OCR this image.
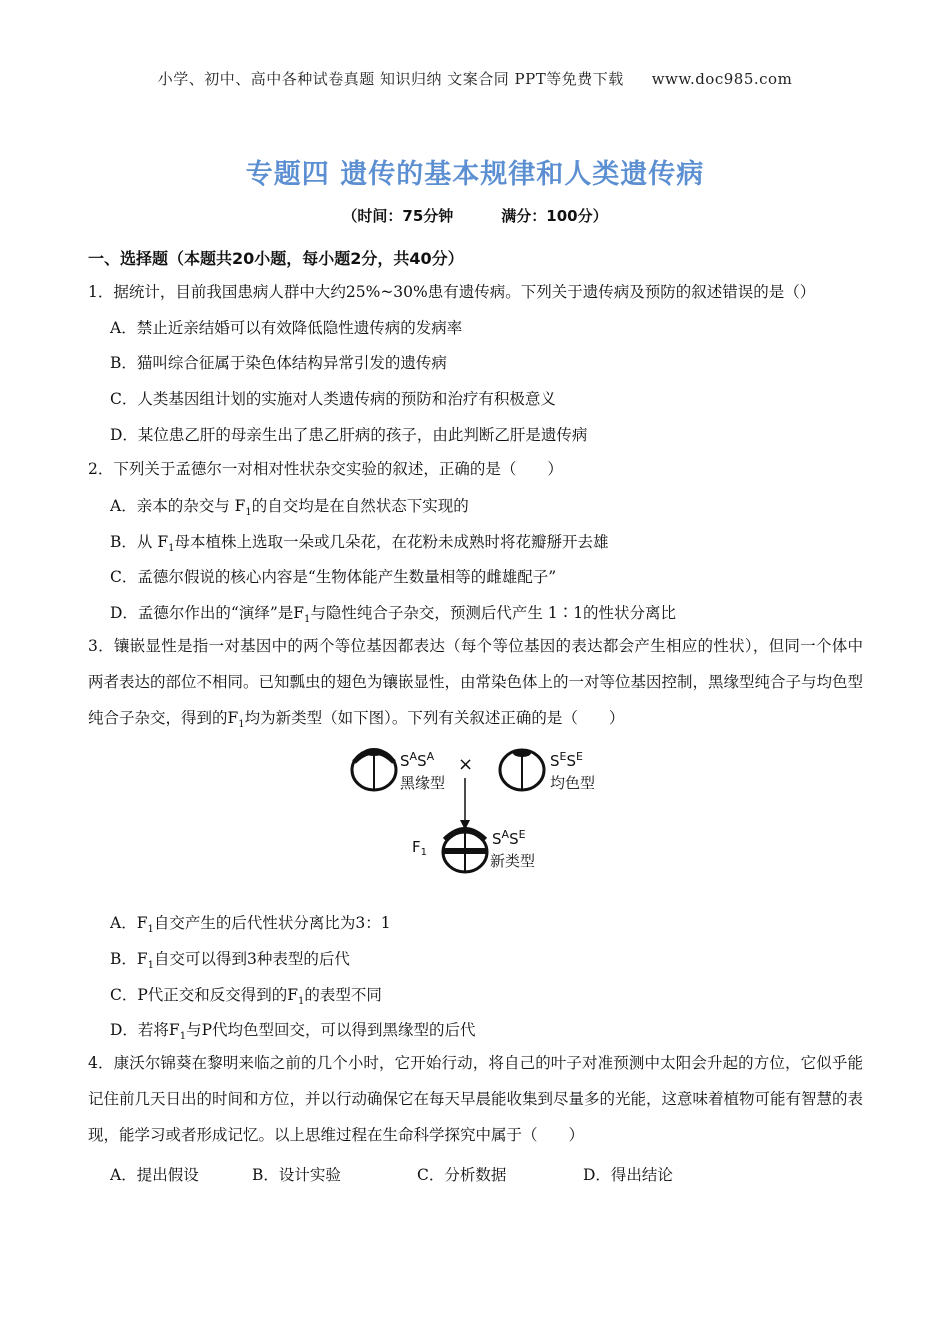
小学、初中、高中各种试卷真题 知识归纳 文案合同 PPT等免费下载 www.doc985.com
专题四 遗传的基本规律和人类遗传病
（时间：75分钟	满分：100分）
一、选择题（本题共20小题，每小题2分，共40分）
1．据统计，目前我国患病人群中大约25%~30%患有遗传病。下列关于遗传病及预防的叙述错误的是（）
A．禁止近亲结婚可以有效降低隐性遗传病的发病率
B．猫叫综合征属于染色体结构异常引发的遗传病
C．人类基因组计划的实施对人类遗传病的预防和治疗有积极意义
D．某位患乙肝的母亲生出了患乙肝病的孩子，由此判断乙肝是遗传病
2．下列关于孟德尔一对相对性状杂交实验的叙述，正确的是（　　）
A．亲本的杂交与 $F_1$的自交均是在自然状态下实现的
B．从 $F_1$母本植株上选取一朵或几朵花，在花粉未成熟时将花瓣掰开去雄
C．孟德尔假说的核心内容是“生物体能产生数量相等的雌雄配子”
D．孟德尔作出的“演绎”是$F_1$与隐性纯合子杂交，预测后代产生 1∶1的性状分离比
3．镶嵌显性是指一对基因中的两个等位基因都表达（每个等位基因的表达都会产生相应的性状），但同一个体中两者表达的部位不相同。已知瓢虫的翅色为镶嵌显性，由常染色体上的一对等位基因控制，黑缘型纯合子与均色型纯合子杂交，得到的$F_1$均为新类型（如下图）。下列有关叙述正确的是（　　）
$S^AS^A$
黑缘型
×	$S^ES^E$
均色型
$F_1$
$S^AS^E$
新类型
A．$F_1$自交产生的后代性状分离比为3：1
B．$F_1$自交可以得到3种表型的后代
C．P代正交和反交得到的$F_1$的表型不同
D．若将$F_1$与P代均色型回交，可以得到黑缘型的后代
4．康沃尔锦葵在黎明来临之前的几个小时，它开始行动，将自己的叶子对准预测中太阳会升起的方位，它似乎能记住前几天日出的时间和方位，并以行动确保它在每天早晨能收集到尽量多的光能，这意味着植物可能有智慧的表现，能学习或者形成记忆。以上思维过程在生命科学探究中属于（　　）
A．提出假设	B．设计实验	C．分析数据	D．得出结论
